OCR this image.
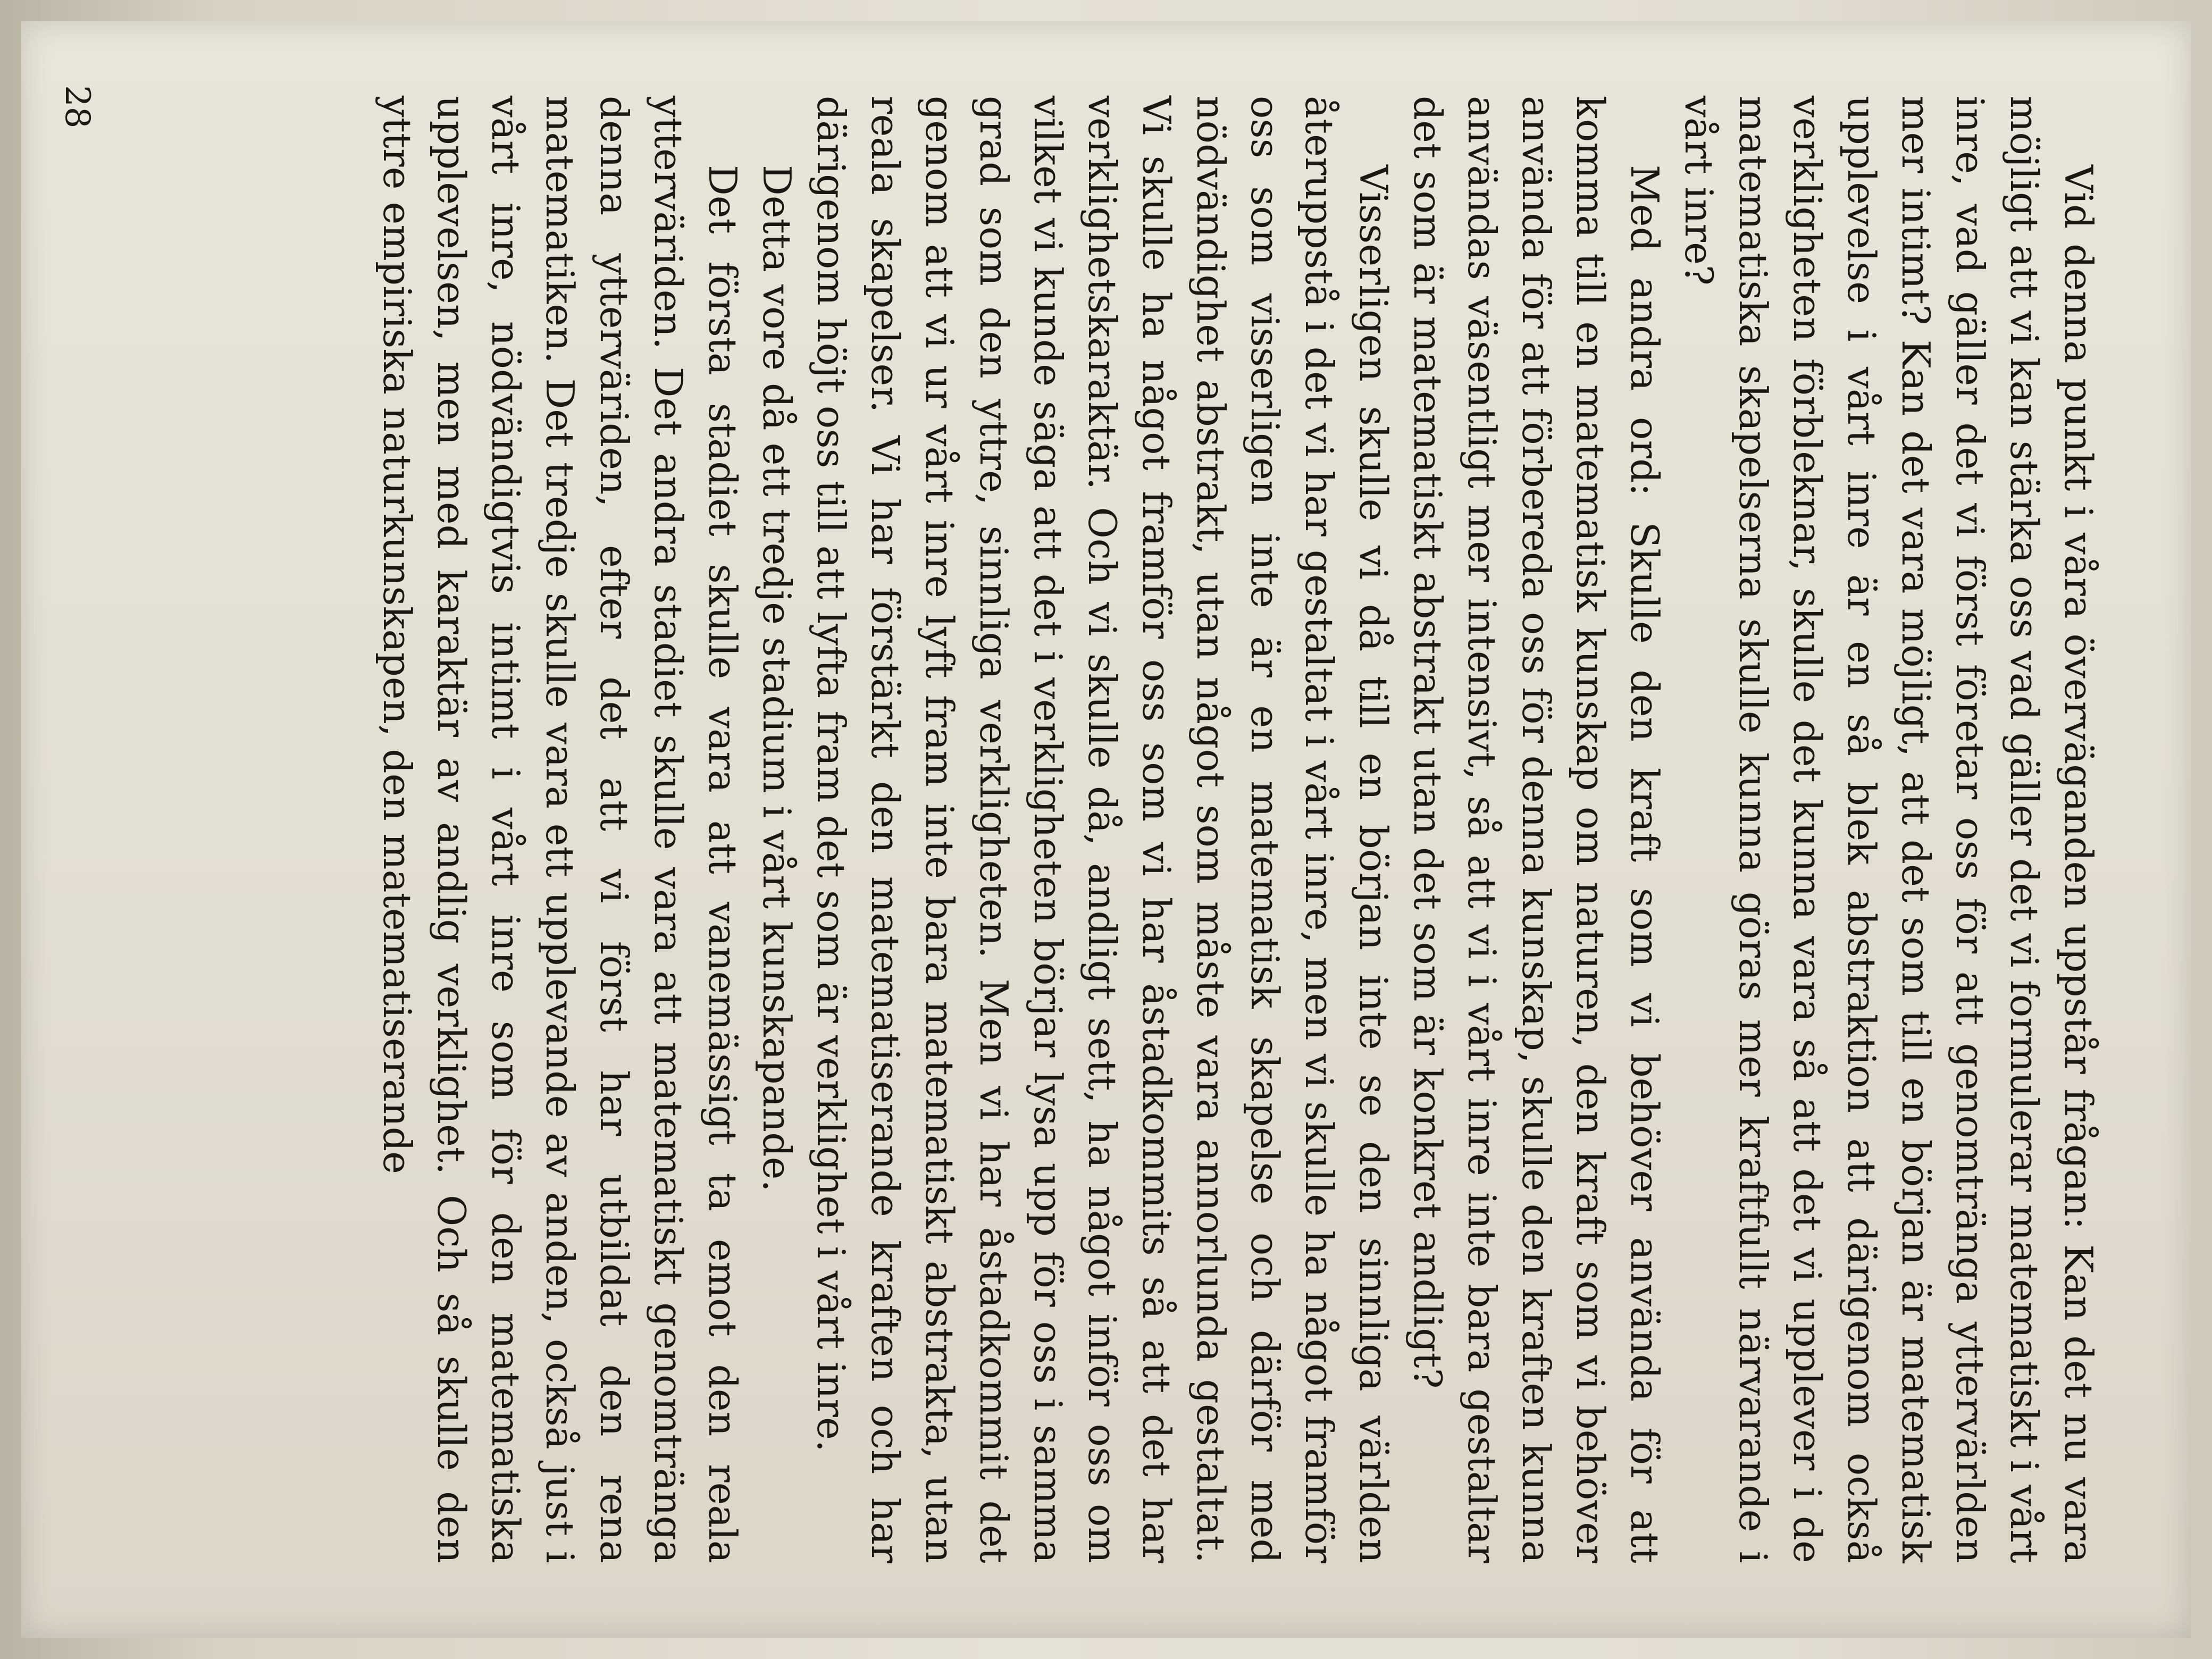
Vid denna punkt i våra överväganden uppstår frågan: Kan det nu vara möjligt att vi kan stärka oss vad gäller det vi formulerar matematiskt i vårt inre, vad gäller det vi först företar oss för att genomtränga yttervärlden mer intimt? Kan det vara möjligt, att det som till en början är matematisk upplevelse i vårt inre är en så blek abstraktion att därigenom också verkligheten förbleknar, skulle det kunna vara så att det vi upplever i de matematiska skapelserna skulle kunna göras mer kraftfullt närvarande i vårt inre?

Med andra ord: Skulle den kraft som vi behöver använda för att komma till en matematisk kunskap om naturen, den kraft som vi behöver använda för att förbereda oss för denna kunskap, skulle den kraften kunna användas väsentligt mer intensivt, så att vi i vårt inre inte bara gestaltar det som är matematiskt abstrakt utan det som är konkret andligt?

Visserligen skulle vi då till en början inte se den sinnliga världen återuppstå i det vi har gestaltat i vårt inre, men vi skulle ha något framför oss som visserligen inte är en matematisk skapelse och därför med nödvändighet abstrakt, utan något som måste vara annorlunda gestaltat. Vi skulle ha något framför oss som vi har åstadkommits så att det har verklighetskaraktär. Och vi skulle då, andligt sett, ha något inför oss om vilket vi kunde säga att det i verkligheten börjar lysa upp för oss i samma grad som den yttre, sinnliga verkligheten. Men vi har åstadkommit det genom att vi ur vårt inre lyft fram inte bara matematiskt abstrakta, utan reala skapelser. Vi har förstärkt den matematiserande kraften och har därigenom höjt oss till att lyfta fram det som är verklighet i vårt inre.

Detta vore då ett tredje stadium i vårt kunskapande.

Det första stadiet skulle vara att vanemässigt ta emot den reala ytterväriden. Det andra stadiet skulle vara att matematiskt genomtränga denna ytterväriden, efter det att vi först har utbildat den rena matematiken. Det tredje skulle vara ett upplevande av anden, också just i vårt inre, nödvändigtvis intimt i vårt inre som för den matematiska upplevelsen, men med karaktär av andlig verklighet. Och så skulle den yttre empiriska naturkunskapen, den matematiserande

28
